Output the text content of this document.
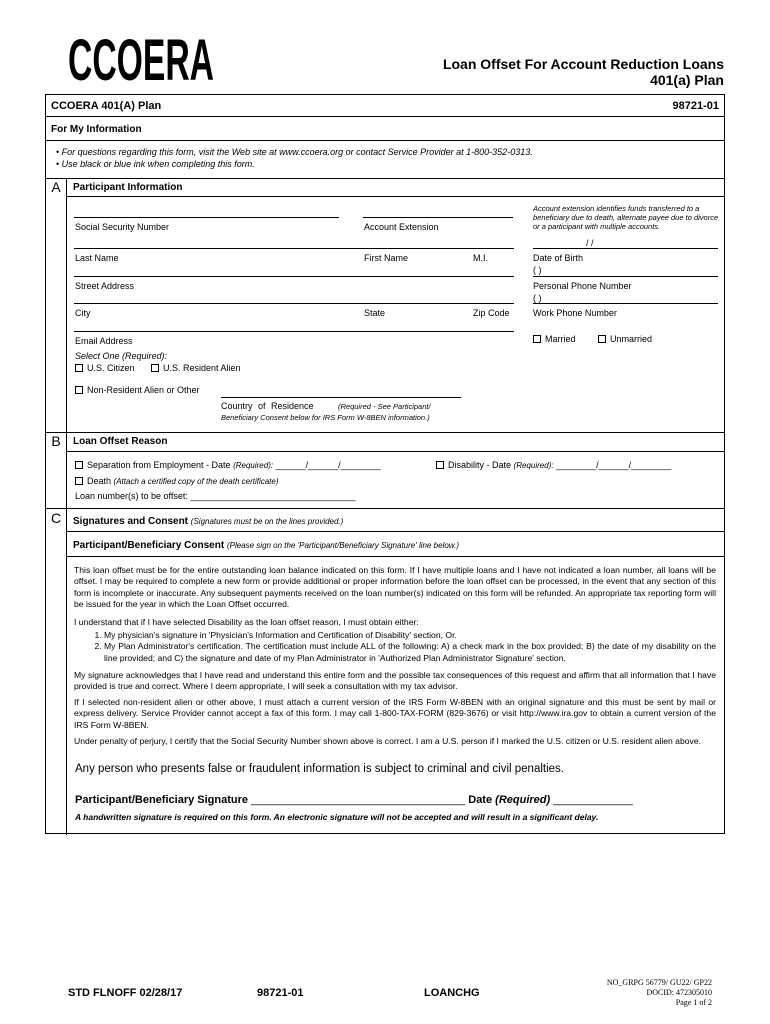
CCOERA	Loan Offset For Account Reduction Loans
401(a) Plan
CCOERA 401(A) Plan	98721-01
For My Information
• For questions regarding this form, visit the Web site at www.ccoera.org or contact Service Provider at 1-800-352-0313.
• Use black or blue ink when completing this form.
A	Participant Information
Account extension identifies funds transferred to a beneficiary due to death, alternate payee due to divorce or a participant with multiple accounts.
Social Security Number	Account Extension
/ /
Last Name	First Name	M.I.	Date of Birth
( )
Street Address	Personal Phone Number
( )
City	State	Zip Code	Work Phone Number
Email Address	Married	Unmarried
Select One (Required):
U.S. Citizen	U.S. Resident Alien
Non-Resident Alien or Other
Country of Residence	(Required - See Participant/
Beneficiary Consent below for IRS Form W-8BEN information.)
B	Loan Offset Reason
Separation from Employment - Date (Required): ______/______/________	Disability - Date (Required): ________/______/________
Death (Attach a certified copy of the death certificate)
Loan number(s) to be offset: _________________________________
C	Signatures and Consent (Signatures must be on the lines provided.)
Participant/Beneficiary Consent (Please sign on the 'Participant/Beneficiary Signature' line below.)
This loan offset must be for the entire outstanding loan balance indicated on this form. If I have multiple loans and I have not indicated a loan number, all loans will be offset. I may be required to complete a new form or provide additional or proper information before the loan offset can be processed, in the event that any section of this form is incomplete or inaccurate. Any subsequent payments received on the loan number(s) indicated on this form will be refunded. An appropriate tax reporting form will be issued for the year in which the Loan Offset occurred.
I understand that if I have selected Disability as the loan offset reason, I must obtain either:
1. My physician's signature in 'Physician's Information and Certification of Disability' section, Or.
2. My Plan Administrator's certification. The certification must include ALL of the following: A) a check mark in the box provided; B) the date of my disability on the line provided; and C) the signature and date of my Plan Administrator in 'Authorized Plan Administrator Signature' section.
My signature acknowledges that I have read and understand this entire form and the possible tax consequences of this request and affirm that all information that I have provided is true and correct. Where I deem appropriate, I will seek a consultation with my tax advisor.
If I selected non-resident alien or other above, I must attach a current version of the IRS Form W-8BEN with an original signature and this must be sent by mail or express delivery. Service Provider cannot accept a fax of this form. I may call 1-800-TAX-FORM (829-3676) or visit http://www.ira.gov to obtain a current version of the IRS Form W-8BEN.
Under penalty of perjury, I certify that the Social Security Number shown above is correct. I am a U.S. person if I marked the U.S. citizen or U.S. resident alien above.
Any person who presents false or fraudulent information is subject to criminal and civil penalties.
Participant/Beneficiary Signature ___________________________________ Date (Required) _____________
A handwritten signature is required on this form. An electronic signature will not be accepted and will result in a significant delay.
STD FLNOFF 02/28/17	98721-01	LOANCHG
NO_GRPG 56779/ GU22/ GP22
DOCID: 472305010
Page 1 of 2
